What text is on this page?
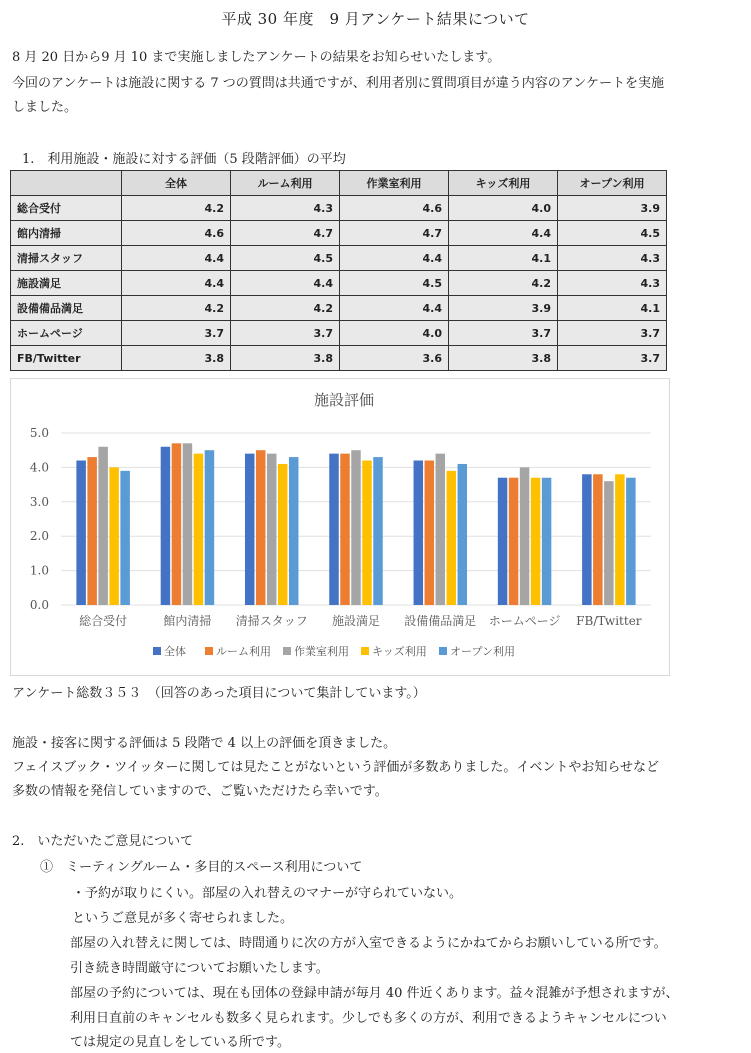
平成 30 年度　9 月アンケート結果について
8 月 20 日から9 月 10 まで実施しましたアンケートの結果をお知らせいたします。
今回のアンケートは施設に関する 7 つの質問は共通ですが、利用者別に質問項目が違う内容のアンケートを実施
しました。
1.　利用施設・施設に対する評価（5 段階評価）の平均
	全体	ルーム利用	作業室利用	キッズ利用	オープン利用
総合受付	4.2	4.3	4.6	4.0	3.9
館内清掃	4.6	4.7	4.7	4.4	4.5
清掃スタッフ	4.4	4.5	4.4	4.1	4.3
施設満足	4.4	4.4	4.5	4.2	4.3
設備備品満足	4.2	4.2	4.4	3.9	4.1
ホームページ	3.7	3.7	4.0	3.7	3.7
FB/Twitter	3.8	3.8	3.6	3.8	3.7
施設評価
0.0
1.0
2.0
3.0
4.0
5.0
総合受付	館内清掃 清掃スタッフ 施設満足 設備備品満足 ホームページ FB/Twitter
全体	ルーム利用 作業室利用 キッズ利用 オープン利用
アンケート総数３５３　（回答のあった項目について集計しています。）
施設・接客に関する評価は 5 段階で 4 以上の評価を頂きました。
フェイスブック・ツイッターに関しては見たことがないという評価が多数ありました。イベントやお知らせなど
多数の情報を発信していますので、ご覧いただけたら幸いです。
2.　いただいたご意見について
①　ミーティングルーム・多目的スペース利用について
・予約が取りにくい。部屋の入れ替えのマナーが守られていない。
というご意見が多く寄せられました。
部屋の入れ替えに関しては、時間通りに次の方が入室できるようにかねてからお願いしている所です。
引き続き時間厳守についてお願いたします。
部屋の予約については、現在も団体の登録申請が毎月 40 件近くあります。益々混雑が予想されますが、
利用日直前のキャンセルも数多く見られます。少しでも多くの方が、利用できるようキャンセルについ
ては規定の見直しをしている所です。
